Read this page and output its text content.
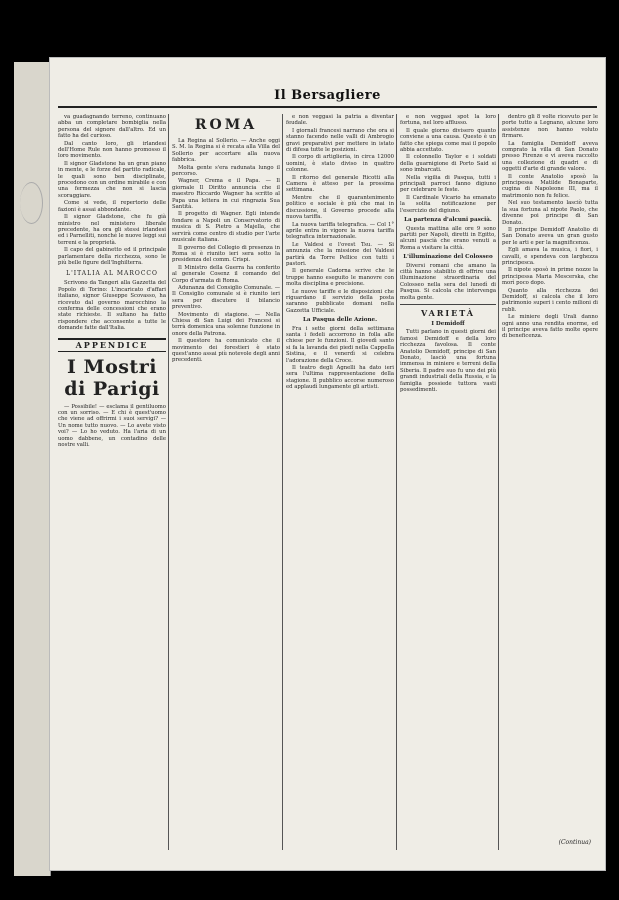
Il Bersagliere

va guadagnando terreno, continuano abba un completare bombiglia nella persona del signore dall'altro. Ed un fatto ha del curioso.

Dal canto loro, gli irlandesi dell'Home Rule non hanno promosso il loro movimento.

Il signor Gladstone ha un gran piano in mente, e le forze del partito radicale, le quali sono ben disciplinate, procedono con un ordine mirabile e con una fermezza che non si lascia scoraggiare.

Come si vede, il repertorio delle fazioni è assai abbondante.

Il signor Gladstone, che fu già ministro nel ministero liberale precedente, ha ora gli stessi irlandesi ed i Parnelliti, nonché le nuove leggi sui terreni e la proprietà.

Il capo del gabinetto ed il principale parlamentare della ricchezza, sono le più belle figure dell'Inghilterra.

L'ITALIA AL MAROCCO

Scrivono da Tangeri alla Gazzetta del Popolo di Torino: L'incaricato d'affari italiano, signor Giuseppe Scovasso, ha ricevuto dal governo marocchino la conferma delle concessioni che erano state richieste. Il sultano ha fatto rispondere che acconsente a tutte le domande fatte dall'Italia.

APPENDICE
I Mostri di Parigi

— Possibile! — esclama il gentiluomo con un sorriso. — E chi è quest'uomo che viene ad offrirmi i suoi servigi? — Un nome tutto nuovo. — Lo avete visto voi? — Lo ho veduto. Ha l'aria di un uomo dabbene, un contadino delle nostre valli.

ROMA

La Regina al Sollerio. — Anche oggi S. M. la Regina si è recata alla Villa del Sollerio per accertare alla nuova fabbrica.

Molta gente s'era radunata lungo il percorso.

Wagner, Crema e il Papa. — Il giornale Il Diritto annuncia che il maestro Riccardo Wagner ha scritto al Papa una lettera in cui ringrazia Sua Santità.

Il progetto di Wagner. Egli intende fondare a Napoli un Conservatorio di musica di S. Pietro a Majella, che servirà come centro di studio per l'arte musicale italiana.

Il governo del Collegio di presenza in Roma si è riunito ieri sera sotto la presidenza del comm. Crispi.

Il Ministro della Guerra ha conferito al generale Cosenz il comando del Corpo d'armata di Roma.

Adunanza del Consiglio Comunale. — Il Consiglio comunale si è riunito ieri sera per discutere il bilancio preventivo.

Movimento di stagione. — Nella Chiesa di San Luigi dei Francesi si terrà domenica una solenne funzione in onore della Patrona.

Il questore ha comunicato che il movimento dei forestieri è stato quest'anno assai più notevole degli anni precedenti.

e non veggasi la patria a diventar feudale.

I giornali francesi narrano che ora si stanno facendo nelle valli di Ambrogio gravi preparativi per mettere in istato di difesa tutte le posizioni.

Il corpo di artiglieria, in circa 12000 uomini, è stato diviso in quattro colonne.

Il ritorno del generale Ricotti alla Camera è atteso per la prossima settimana.

Mentre che il quarantenimento politico e sociale è più che mai in discussione, il Governo procede alla nuova tariffa.

La nuova tariffa telegrafica. — Col 1° aprile entra in vigore la nuova tariffa telegrafica internazionale.

Le Valdesi e l'ovest Tsu. — Si annunzia che la missione dei Valdesi partirà da Torre Pellice con tutti i pastori.

Il generale Cadorna scrive che le truppe hanno eseguito le manovre con molta disciplina e precisione.

Le nuove tariffe e le disposizioni che riguardano il servizio della posta saranno pubblicate domani nella Gazzetta Ufficiale.

La Pasqua delle Azione.

Fra i sette giorni della settimana santa i fedeli accorrono in folla alle chiese per le funzioni. Il giovedì santo si fa la lavanda dei piedi nella Cappella Sistina, e il venerdì si celebra l'adorazione della Croce.

Il teatro degli Agnelli ha dato ieri sera l'ultima rappresentazione della stagione. Il pubblico accorse numeroso ed applaudì lungamente gli artisti.

e non veggasi spot la loro fortuna, nel loro afflusso.

Il quale giorno divisero quanto conviene a una causa. Questo è un fatto che spiega come mai il popolo abbia accettato.

Il colonnello Taylor e i soldati della guarnigione di Porto Said si sono imbarcati.

Nella vigilia di Pasqua, tutti i principali parroci fanno digiuno per celebrare le feste.

Il Cardinale Vicario ha emanato la solita notificazione per l'esercizio del digiuno.

La partenza d'alcuni pascià.

Questa mattina alle ore 9 sono partiti per Napoli, diretti in Egitto, alcuni pascià che erano venuti a Roma a visitare la città.

L'illuminazione del Colosseo

Diversi romani che amano la città hanno stabilito di offrire una illuminazione straordinaria del Colosseo nella sera del lunedì di Pasqua. Si calcola che intervenga molta gente.

VARIETÀ
I Demidoff

Tutti parlano in questi giorni dei famosi Demidoff e della loro ricchezza favolosa. Il conte Anatolio Demidoff, principe di San Donato, lasciò una fortuna immensa in miniere e terreni della Siberia. Il padre suo fu uno dei più grandi industriali della Russia, e la famiglia possiede tuttora vasti possedimenti.

dentro gli 8 volte ricevuto per le porte tutto a Legnano, alcune loro assistenze non hanno voluto firmare.

La famiglia Demidoff aveva comprato la villa di San Donato presso Firenze e vi aveva raccolto una collezione di quadri e di oggetti d'arte di grande valore.

Il conte Anatolio sposò la principessa Matilde Bonaparte, cugina di Napoleone III, ma il matrimonio non fu felice.

Nel suo testamento lasciò tutta la sua fortuna al nipote Paolo, che divenne poi principe di San Donato.

Il principe Demidoff Anatolio di San Donato aveva un gran gusto per le arti e per la magnificenza.

Egli amava la musica, i fiori, i cavalli, e spendeva con larghezza principesca.

Il nipote sposò in prime nozze la principessa Maria Mescerska, che morì poco dopo.

Quanto alla ricchezza dei Demidoff, si calcola che il loro patrimonio superi i cento milioni di rubli.

Le miniere degli Urali danno ogni anno una rendita enorme, ed il principe aveva fatto molte opere di beneficenza.

(Continua)
